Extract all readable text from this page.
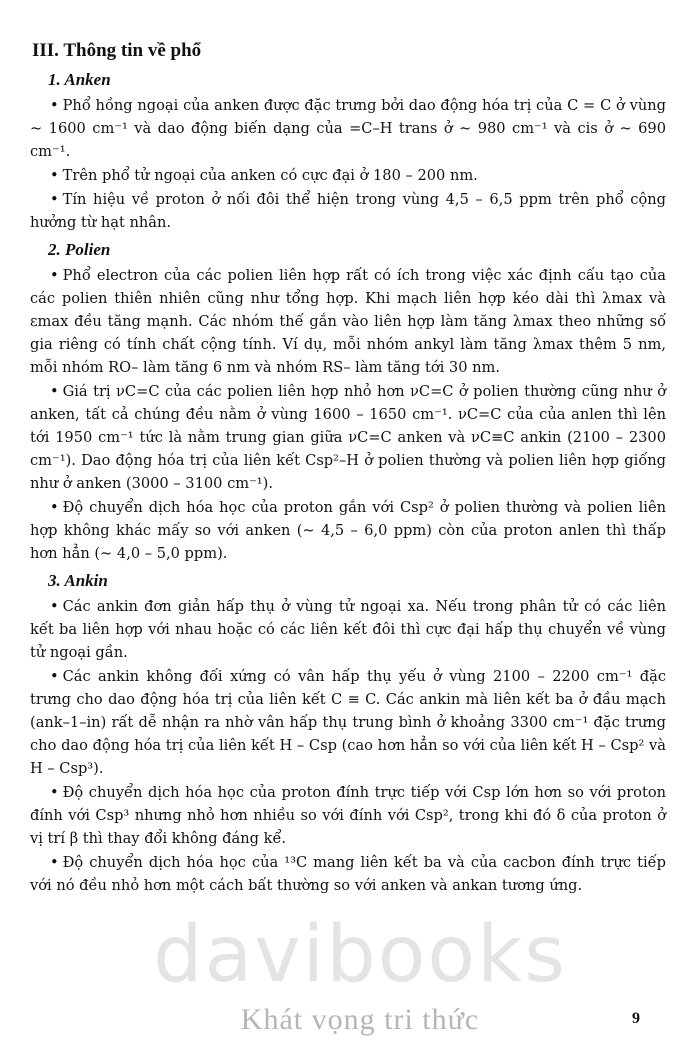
III. Thông tin về phổ
1. Anken

• Phổ hồng ngoại của anken được đặc trưng bởi dao động hóa trị của C = C ở vùng ~ 1600 cm⁻¹ và dao động biến dạng của =C–H trans ở ~ 980 cm⁻¹ và cis ở ~ 690 cm⁻¹.

• Trên phổ tử ngoại của anken có cực đại ở 180 – 200 nm.

• Tín hiệu về proton ở nối đôi thể hiện trong vùng 4,5 – 6,5 ppm trên phổ cộng hưởng từ hạt nhân.

2. Polien

• Phổ electron của các polien liên hợp rất có ích trong việc xác định cấu tạo của các polien thiên nhiên cũng như tổng hợp. Khi mạch liên hợp kéo dài thì λmax và εmax đều tăng mạnh. Các nhóm thế gắn vào liên hợp làm tăng λmax theo những số gia riêng có tính chất cộng tính. Ví dụ, mỗi nhóm ankyl làm tăng λmax thêm 5 nm, mỗi nhóm RO– làm tăng 6 nm và nhóm RS– làm tăng tới 30 nm.

• Giá trị νC=C của các polien liên hợp nhỏ hơn νC=C ở polien thường cũng như ở anken, tất cả chúng đều nằm ở vùng 1600 – 1650 cm⁻¹. νC=C của của anlen thì lên tới 1950 cm⁻¹ tức là nằm trung gian giữa νC=C anken và νC≡C ankin (2100 – 2300 cm⁻¹). Dao động hóa trị của liên kết Csp²–H ở polien thường và polien liên hợp giống như ở anken (3000 – 3100 cm⁻¹).

• Độ chuyển dịch hóa học của proton gắn với Csp² ở polien thường và polien liên hợp không khác mấy so với anken (~ 4,5 – 6,0 ppm) còn của proton anlen thì thấp hơn hẳn (~ 4,0 – 5,0 ppm).

3. Ankin

• Các ankin đơn giản hấp thụ ở vùng tử ngoại xa. Nếu trong phân tử có các liên kết ba liên hợp với nhau hoặc có các liên kết đôi thì cực đại hấp thụ chuyển về vùng tử ngoại gần.

• Các ankin không đối xứng có vân hấp thụ yếu ở vùng 2100 – 2200 cm⁻¹ đặc trưng cho dao động hóa trị của liên kết C ≡ C. Các ankin mà liên kết ba ở đầu mạch (ank–1–in) rất dễ nhận ra nhờ vân hấp thụ trung bình ở khoảng 3300 cm⁻¹ đặc trưng cho dao động hóa trị của liên kết H – Csp (cao hơn hẳn so với của liên kết H – Csp² và H – Csp³).

• Độ chuyển dịch hóa học của proton đính trực tiếp với Csp lớn hơn so với proton đính với Csp³ nhưng nhỏ hơn nhiều so với đính với Csp², trong khi đó δ của proton ở vị trí β thì thay đổi không đáng kể.

• Độ chuyển dịch hóa học của ¹³C mang liên kết ba và của cacbon đính trực tiếp với nó đều nhỏ hơn một cách bất thường so với anken và ankan tương ứng.

davibooks
Khát vọng tri thức	9
